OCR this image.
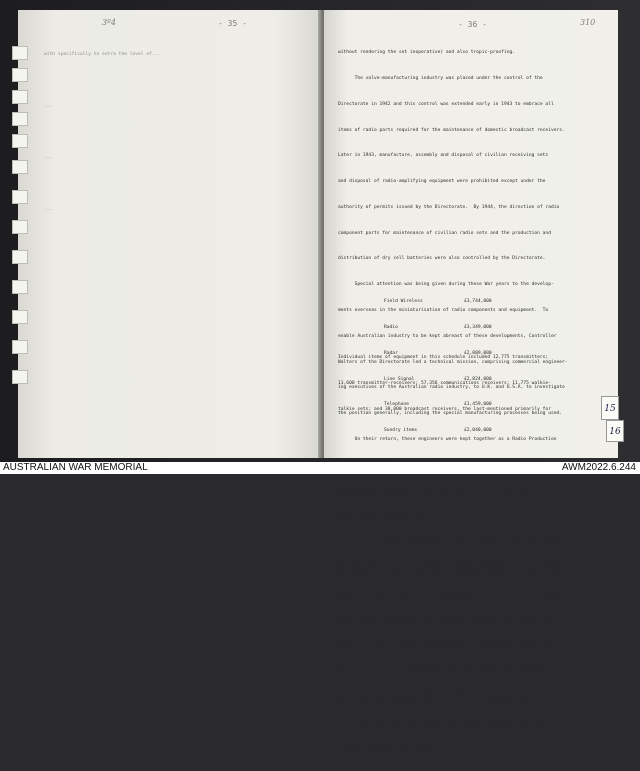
3º4	- 35 -

with specifically to extra the level of...

...

...

...

- 36 -	310

without rendering the set inoperative) and also tropic-proofing.

The valve-manufacturing industry was placed under the control of the

Directorate in 1942 and this control was extended early in 1943 to embrace all

items of radio parts required for the maintenance of domestic broadcast receivers.

Later in 1943, manufacture, assembly and disposal of civilian receiving sets

and disposal of radio-amplifying equipment were prohibited except under the

authority of permits issued by the Directorate.  By 1944, the direction of radio

component parts for maintenance of civilian radio sets and the production and

distribution of dry cell batteries were also controlled by the Directorate.

Special attention was being given during these War years to the develop-

ments overseas in the miniaturisation of radio components and equipment.  To

enable Australian industry to be kept abreast of these developments, Controller

Walters of the Directorate led a technical mission, comprising commercial engineer-

ing executives of the Australian radio industry, to U.K. and U.S.A. to investigate

the position generally, including the special manufacturing processes being used.

On their return, these engineers were kept together as a Radio Production

encountered by the industry and to assist in fixing the solutions so far as

Defence contracts were concerned.

By mid-1945, there were still 131 projects current with the Directorate,

with outstandings valued at £5,850,000 and deliveries averaging £400,000 a month.

New orders valued at around £250,000 a month were still coming in.  Manufacturers

were, however, pressing strongly for permission to resume production of broadcast

receivers for the civilian market and this was granted when the War ended two

months later but only to those who had been making such equipment when the War

began.  Concurrently, orders totalling £2,750,000 in value were cancelled.

Deliveries of equipment for which the Directorate was responsible were

valued at £13,578,000, as follows :-

Field Wireless	£3,744,000

Radio	£3,349,000

Radar	£2,089,000

Line Signal	£2,824,000

Telephone	£1,459,000

Sundry items	£2,040,000

Individual items of equipment in this schedule included 12,775 transmitters;

11,600 transmitter-receivers; 57,356 communications receivers; 11,775 walkie-

talkie sets; and 38,000 broadcast receivers, the last-mentioned primarily for

	15
16
AUSTRALIAN WAR MEMORIAL	AWM2022.6.244
